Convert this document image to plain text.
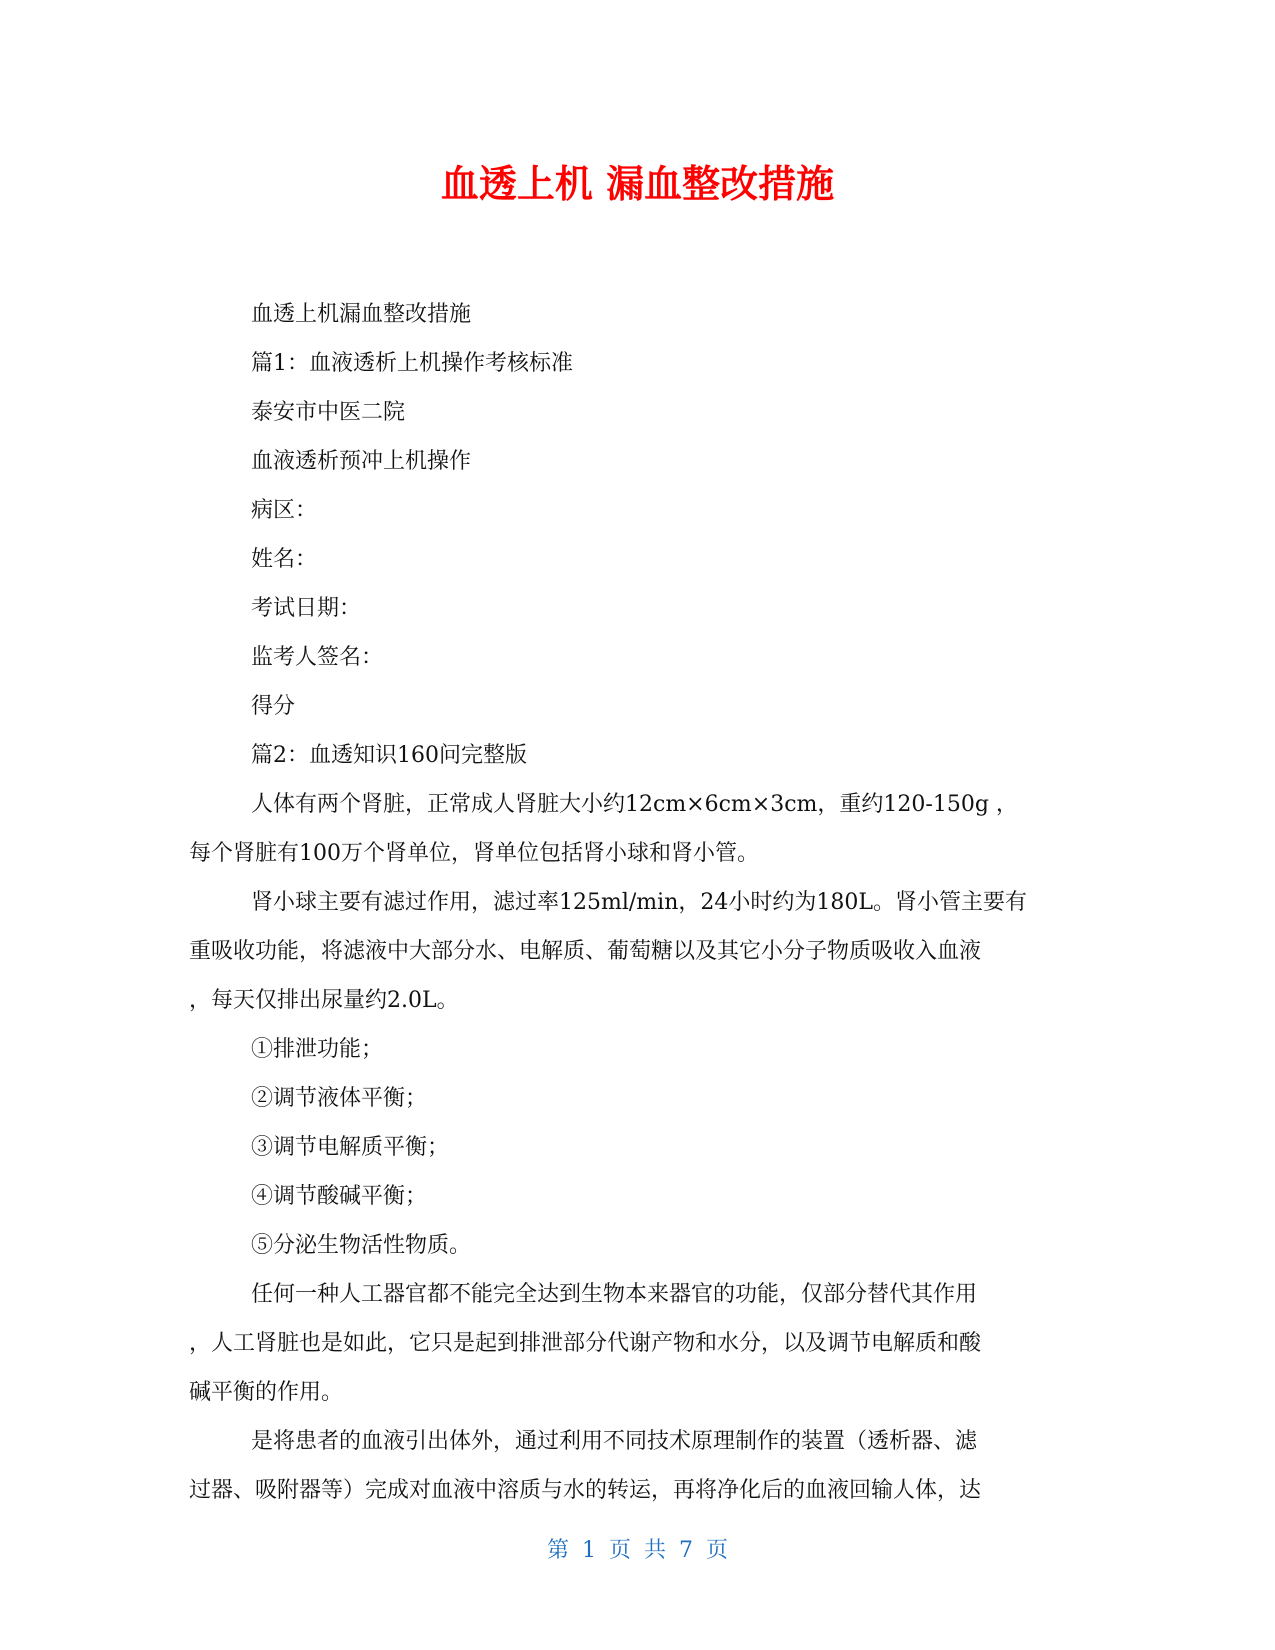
血透上机 漏血整改措施
血透上机漏血整改措施
篇1：血液透析上机操作考核标准
泰安市中医二院
血液透析预冲上机操作
病区：
姓名：
考试日期：
监考人签名：
得分
篇2：血透知识160问完整版
人体有两个肾脏，正常成人肾脏大小约12cm×6cm×3cm，重约120-150g ，
每个肾脏有100万个肾单位，肾单位包括肾小球和肾小管。
肾小球主要有滤过作用，滤过率125ml/min，24小时约为180L。肾小管主要有
重吸收功能，将滤液中大部分水、电解质、葡萄糖以及其它小分子物质吸收入血液
，每天仅排出尿量约2.0L。
①排泄功能；
②调节液体平衡；
③调节电解质平衡；
④调节酸碱平衡；
⑤分泌生物活性物质。
任何一种人工器官都不能完全达到生物本来器官的功能，仅部分替代其作用
，人工肾脏也是如此，它只是起到排泄部分代谢产物和水分，以及调节电解质和酸
碱平衡的作用。
是将患者的血液引出体外，通过利用不同技术原理制作的装置（透析器、滤
过器、吸附器等）完成对血液中溶质与水的转运，再将净化后的血液回输人体，达
第 1 页 共 7 页
